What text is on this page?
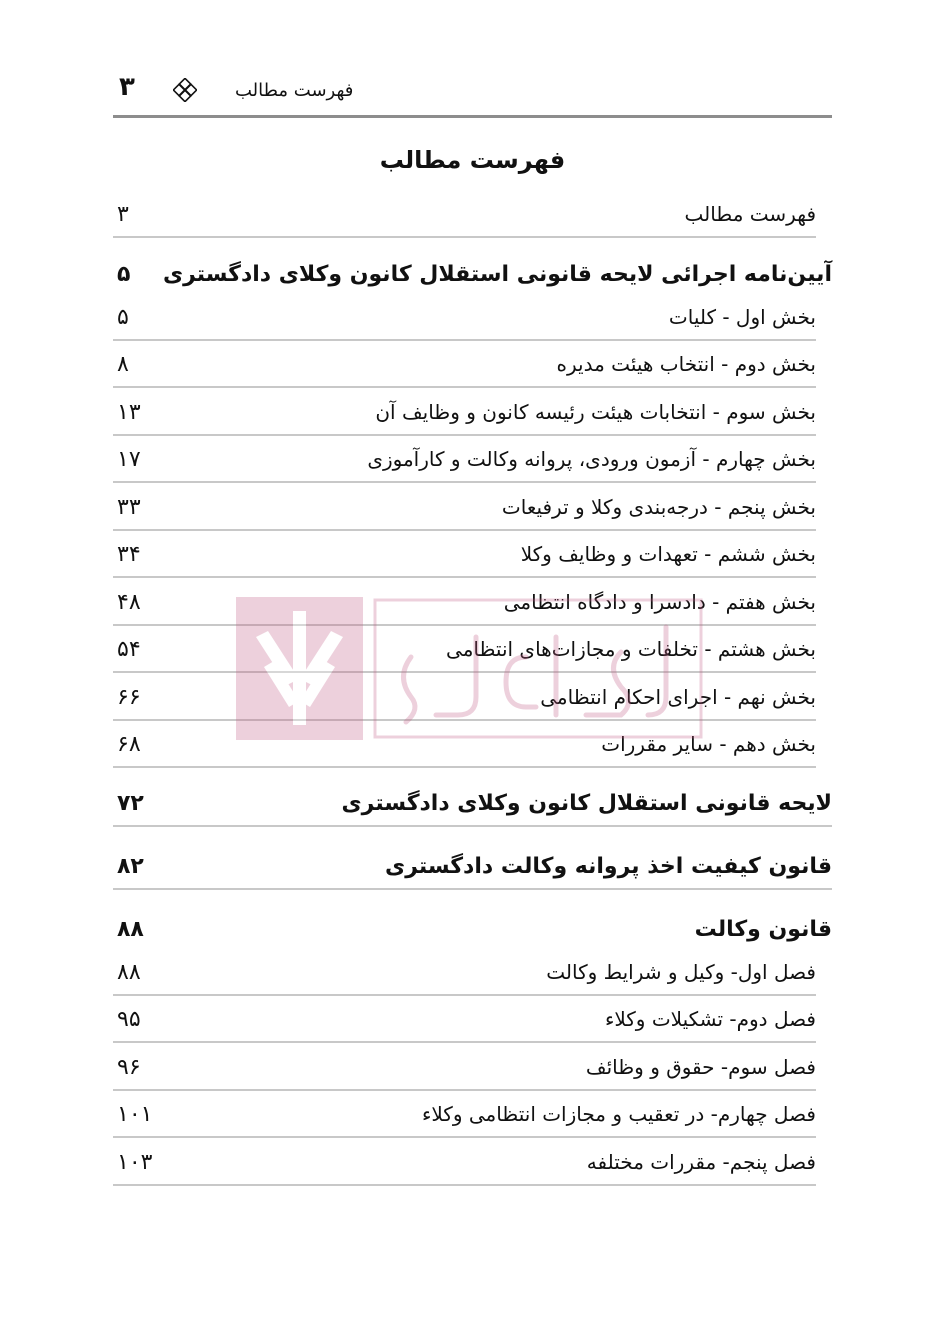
۳	فهرست مطالب
فهرست مطالب
فهرست مطالب
۳
آیین‌نامه اجرائی لایحه قانونی استقلال کانون وکلای دادگستری
۵
بخش اول - کلیات
۵
بخش دوم - انتخاب هیئت مدیره
۸
بخش سوم - انتخابات هیئت رئیسه کانون و وظایف آن
۱۳
بخش چهارم - آزمون ورودی، پروانه وکالت و کارآموزی
۱۷
بخش پنجم - درجه‌بندی وکلا و ترفیعات
۳۳
بخش ششم - تعهدات و وظایف وکلا
۳۴
بخش هفتم - دادسرا و دادگاه انتظامی
۴۸
بخش هشتم - تخلفات و مجازات‌های انتظامی
۵۴
بخش نهم - اجرای احکام انتظامی
۶۶
بخش دهم - سایر مقررات
۶۸
لایحه قانونی استقلال کانون وکلای دادگستری
۷۲
قانون کیفیت اخذ پروانه وکالت دادگستری
۸۲
قانون وکالت
۸۸
فصل اول- وکیل و شرایط وکالت
۸۸
فصل دوم- تشکیلات وکلاء
۹۵
فصل سوم- حقوق و وظائف
۹۶
فصل چهارم- در تعقیب و مجازات انتظامی وکلاء
۱۰۱
فصل پنجم- مقررات مختلفه
۱۰۳
